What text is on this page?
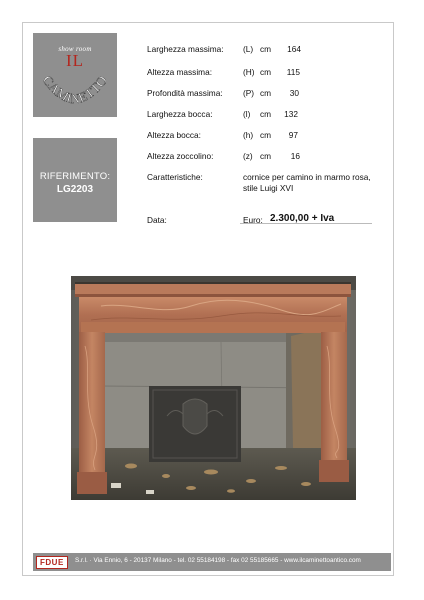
show room
IL
CAMINETTO
RIFERIMENTO:
LG2203
Larghezza massima: (L) cm	164
Altezza massima:	(H) cm	115
Profondità massima: (P) cm	30
Larghezza bocca:	(l) cm	132
Altezza bocca:	(h) cm	97
Altezza zoccolino:	(z) cm	16
Caratteristiche:	cornice per camino in marmo rosa, stile Luigi XVI
Data:	Euro: 2.300,00 + Iva
FDUE	S.r.l. · Via Ennio, 6 - 20137 Milano - tel. 02 55184198 - fax 02 55185665 - www.ilcaminettoantico.com
